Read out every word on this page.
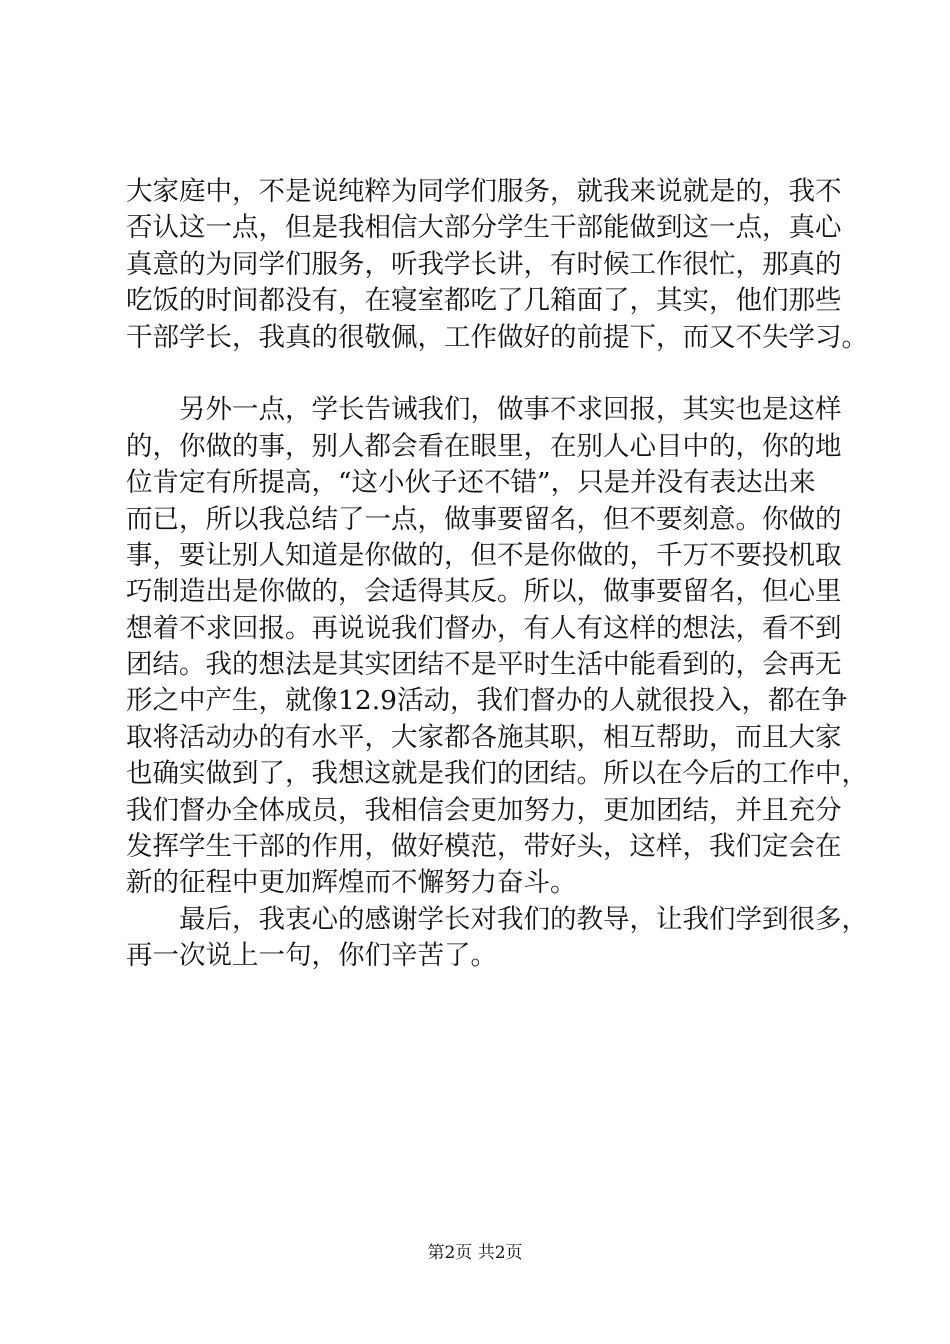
大家庭中，不是说纯粹为同学们服务，就我来说就是的，我不
否认这一点，但是我相信大部分学生干部能做到这一点，真心
真意的为同学们服务，听我学长讲，有时候工作很忙，那真的
吃饭的时间都没有，在寝室都吃了几箱面了，其实，他们那些
干部学长，我真的很敬佩，工作做好的前提下，而又不失学习。
　　另外一点，学长告诫我们，做事不求回报，其实也是这样
的，你做的事，别人都会看在眼里，在别人心目中的，你的地
位肯定有所提高，“这小伙子还不错”，只是并没有表达出来
而已，所以我总结了一点，做事要留名，但不要刻意。你做的
事，要让别人知道是你做的，但不是你做的，千万不要投机取
巧制造出是你做的，会适得其反。所以，做事要留名，但心里
想着不求回报。再说说我们督办，有人有这样的想法，看不到
团结。我的想法是其实团结不是平时生活中能看到的，会再无
形之中产生，就像12.9活动，我们督办的人就很投入，都在争
取将活动办的有水平，大家都各施其职，相互帮助，而且大家
也确实做到了，我想这就是我们的团结。所以在今后的工作中，
我们督办全体成员，我相信会更加努力，更加团结，并且充分
发挥学生干部的作用，做好模范，带好头，这样，我们定会在
新的征程中更加辉煌而不懈努力奋斗。
　　最后，我衷心的感谢学长对我们的教导，让我们学到很多，
再一次说上一句，你们辛苦了。
第2页 共2页
